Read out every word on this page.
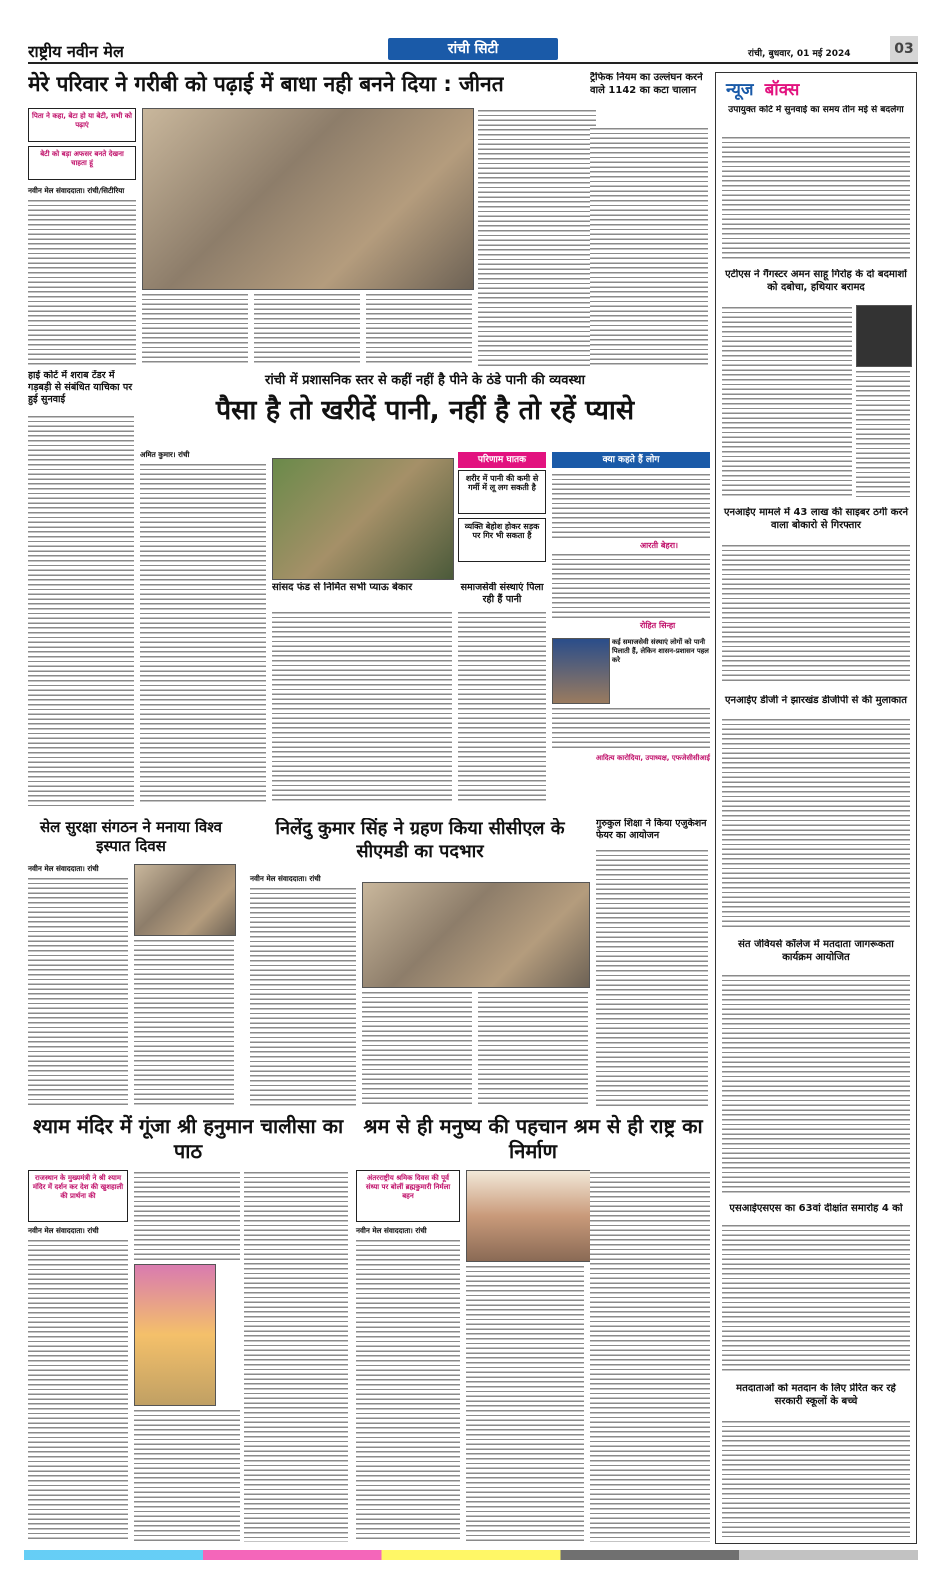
राष्ट्रीय नवीन मेल	रांची सिटी	रांची, बुधवार, 01 मई 2024	03
मेरे परिवार ने गरीबी को पढ़ाई में बाधा नही बनने दिया : जीनत
पिता ने कहा, बेटा हो या बेटी, सभी को पढ़ाएं
बेटी को बड़ा अफसर बनते देखना चाहता हूं
नवीन मेल संवाददाता। रांची/सिटीरिया
ट्रैफिक नियम का उल्लंघन करने वाले 1142 का कटा चालान	न्यूज बॉक्स
उपायुक्त कोर्ट में सुनवाई का समय तीन मई से बदलेगा
एटीएस ने गैंगस्टर अमन साहू गिरोह के दो बदमाशों को दबोचा, हथियार बरामद
एनआईए मामले में 43 लाख की साइबर ठगी करने वाला बोकारो से गिरफ्तार
एनआईए डीजी ने झारखंड डीजीपी से की मुलाकात
संत जेवियर्स कॉलेज में मतदाता जागरूकता कार्यक्रम आयोजित
एसआईएसएस का 63वां दीक्षांत समारोह 4 को
मतदाताओं को मतदान के लिए प्रेरित कर रहे सरकारी स्कूलों के बच्चे
हाई कोर्ट में शराब टेंडर में गड़बड़ी से संबंधित याचिका पर हुई सुनवाई
रांची में प्रशासनिक स्तर से कहीं नहीं है पीने के ठंडे पानी की व्यवस्था
पैसा है तो खरीदें पानी, नहीं है तो रहें प्यासे
अमित कुमार। रांची
परिणाम घातक
शरीर में पानी की कमी से गर्मी में लू लग सकती है
व्यक्ति बेहोश होकर सड़क पर गिर भी सकता है
सांसद फंड से निर्मित सभी प्याऊ बेकार	समाजसेवी संस्थाएं पिला रही हैं पानी
क्या कहते हैं लोग
आरती बेहरा।
रोहित सिन्हा
कई समाजसेवी संस्थाएं लोगों को पानी पिलाती हैं, लेकिन शासन-प्रशासन पहल करे
आदित्य कारोदिया, उपाध्यक्ष, एफजेसीसीआई
सेल सुरक्षा संगठन ने मनाया विश्व इस्पात दिवस
नवीन मेल संवाददाता। रांची
निलेंदु कुमार सिंह ने ग्रहण किया सीसीएल के सीएमडी का पदभार
नवीन मेल संवाददाता। रांची
गुरुकुल शिक्षा ने किया एजुकेशन फेयर का आयोजन
श्याम मंदिर में गूंजा श्री हनुमान चालीसा का पाठ
राजस्थान के मुख्यमंत्री ने श्री श्याम मंदिर में दर्शन कर देश की खुशहाली की प्रार्थना की
नवीन मेल संवाददाता। रांची
श्रम से ही मनुष्य की पहचान श्रम से ही राष्ट्र का निर्माण
अंतरराष्ट्रीय श्रमिक दिवस की पूर्व संध्या पर बोलीं ब्रह्मकुमारी निर्मला बहन
नवीन मेल संवाददाता। रांची
